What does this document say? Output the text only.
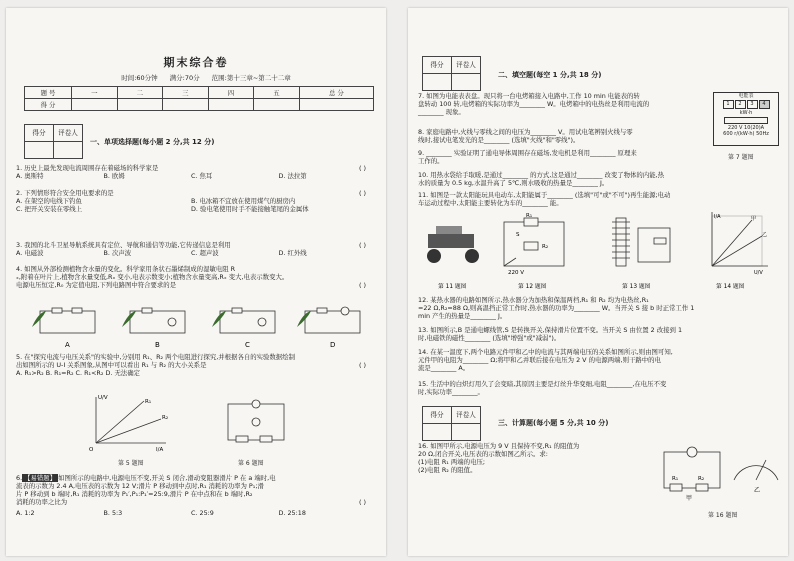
期末综合卷
时间:60分钟 满分:70分 范围:第十三章~第二十二章
题 号	一	二	三	四	五	总 分
得 分						
得分	评卷人

一、单项选择题(每小题 2 分,共 12 分)
1. 历史上最先发现电流周围存在着磁场的科学家是	( )
A. 奥斯特	B. 欧姆	C. 焦耳	D. 法拉第
2. 下列情形符合安全用电要求的是	( )
A. 在架空的电线下钓鱼	B. 电冰箱不宜放在使用煤气的厨房内
C. 把开关安装在零线上	D. 验电笔使用时手不能接触笔尾的金属体
3. 我国的北斗卫星导航系统具有定位、导航和通信等功能,它传递信息是利用	( )
A. 电磁波	B. 次声波	C. 超声波	D. 红外线

4. 如图从外部检测植物含水量的变化。科学家用条状石墨烯制成的湿敏电阻 R

ₓ,附着在叶片上,植物含水量变低,Rₓ 变小,电表示数变小;植物含水量变高,Rₓ 变大,电表示数变大。

电源电压恒定,R₀ 为定值电阻,下列电路图中符合要求的是	( )
A	B	C	D

5. 在"探究电流与电压关系"的实验中,分别用 R₁、R₂ 两个电阻进行探究,并根据各自的实验数据绘制

出如图所示的 U-I 关系图象,从图中可以看出 R₁ 与 R₂ 的大小关系是	( )

A. R₁>R₂ B. R₁=R₂ C. R₁<R₂ D. 无法确定

U/V
I/A
R₁
R₂
O
第 5 题图	第 6 题图

6. 【易错题】 如图所示的电路中,电源电压不变,开关 S 闭合,滑动变阻器滑片 P 在 a 端时,电

流表的示数为 2.4 A,电压表的示数为 12 V;滑片 P 移动到中点时,R₁ 消耗的功率为 P₁;滑

片 P 移动到 b 端时,R₁ 消耗的功率为 P₁′,P₁:P₁′=25:9,滑片 P 在中点和在 b 端时,R₂

消耗的功率之比为	( )
A. 1:2	B. 5:3	C. 25:9	D. 25:18
得分	评卷人

二、填空题(每空 1 分,共 18 分)

7. 如图为电能表表盘。现只将一台电烤箱接入电路中,工作 10 min 电能表的转

盘转动 100 转,电烤箱的实际功率为________ W。电烤箱中的电热丝是利用电流的

________ 现象。

8. 家庭电路中,火线与零线之间的电压为________ V。用试电笔辨别火线与零

线时,接试电笔发光的是________ (选填"火线"和"零线")。

9. ________ 实验证明了通电导体周围存在磁场,发电机是利用________ 原理来

工作的。

电能表
1	2	3	4
kW·h
220 V 10(20)A
600 r/(kW·h) 50Hz
第 7 题图

10. 用热水袋给手取暖,是通过________ 的方式,这是通过________ 改变了物体的内能,热

水的质量为 0.5 kg,水温升高了 5℃,则水吸收的热量是________ J。

11. 如图是一款太阳能玩具电动车,太阳能属于________ (选填"可"或"不可")再生能源;电动

车运动过程中,太阳能主要转化为车的________ 能。

220 V
S
R₁
R₂
I/A
U/V
甲
乙
第 11 题图	第 12 题图	第 13 题图	第 14 题图

12. 某热水器的电路如图所示,热水器分为加热和保温两档,R₁ 和 R₂ 均为电热丝,R₁

=22 Ω,R₂=88 Ω,则高温挡正常工作时,热水器的功率为________ W。当开关 S 接 b 时正常工作 1

min 产生的热量是________ J。

13. 如图所示,B 是通电螺线管,S 是转换开关,保持滑片位置不变。当开关 S 由位置 2 改接到 1

时,电磁铁的磁性________ (选填"增强"或"减弱")。

14. 在某一温度下,两个电路元件甲和乙中的电流与其两端电压的关系如图所示,则由图可知,

元件甲的电阻为________ Ω;将甲和乙并联后接在电压为 2 V 的电源两端,则干路中的电

流是________ A。

15. 生活中的白炽灯用久了会变暗,其原因主要是灯丝升华变细,电阻________,在电压不变

时,实际功率________。

得分	评卷人

三、计算题(每小题 5 分,共 10 分)

16. 如图甲所示,电源电压为 9 V 且保持不变,R₁ 的阻值为

20 Ω,闭合开关,电压表的示数如图乙所示。求:

(1)电阻 R₁ 两端的电压;

(2)电阻 R₂ 的阻值。

R₁	R₂
甲
乙
第 16 题图
